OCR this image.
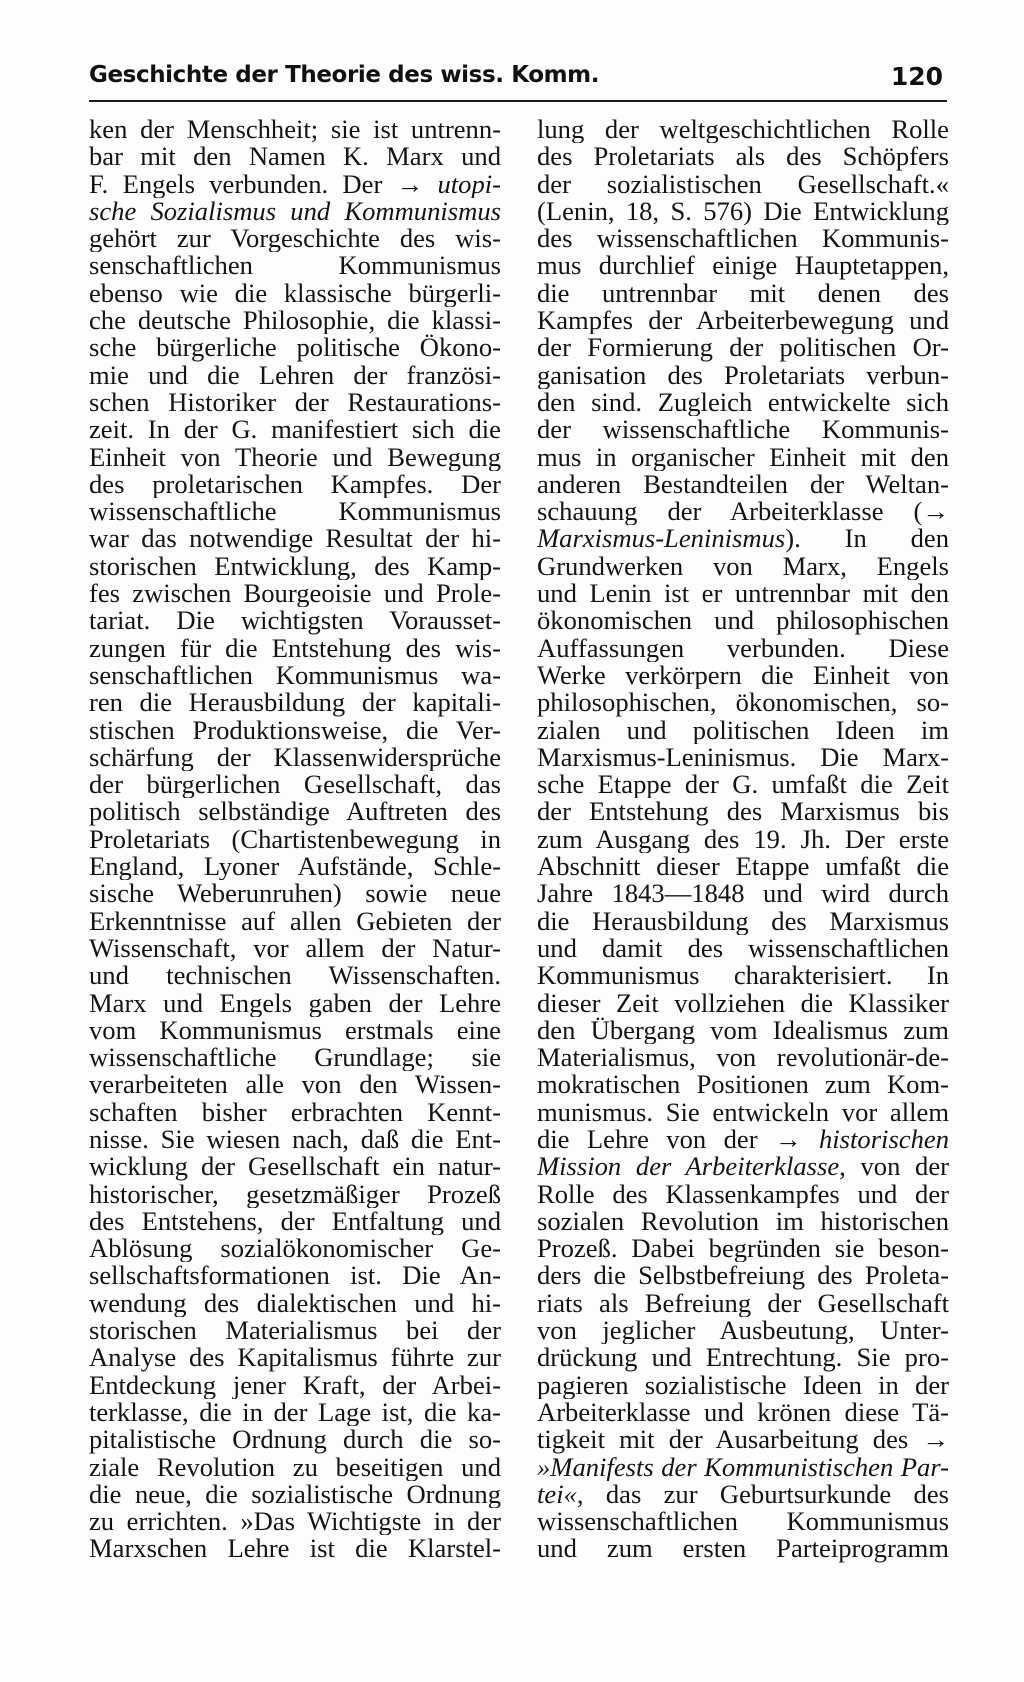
Geschichte der Theorie des wiss. Komm.	120
ken der Menschheit; sie ist untrenn-
bar mit den Namen K. Marx und
F. Engels verbunden. Der → utopi-
sche Sozialismus und Kommunismus
gehört zur Vorgeschichte des wis-
senschaftlichen Kommunismus
ebenso wie die klassische bürgerli-
che deutsche Philosophie, die klassi-
sche bürgerliche politische Ökono-
mie und die Lehren der französi-
schen Historiker der Restaurations-
zeit. In der G. manifestiert sich die
Einheit von Theorie und Bewegung
des proletarischen Kampfes. Der
wissenschaftliche Kommunismus
war das notwendige Resultat der hi-
storischen Entwicklung, des Kamp-
fes zwischen Bourgeoisie und Prole-
tariat. Die wichtigsten Vorausset-
zungen für die Entstehung des wis-
senschaftlichen Kommunismus wa-
ren die Herausbildung der kapitali-
stischen Produktionsweise, die Ver-
schärfung der Klassenwidersprüche
der bürgerlichen Gesellschaft, das
politisch selbständige Auftreten des
Proletariats (Chartistenbewegung in
England, Lyoner Aufstände, Schle-
sische Weberunruhen) sowie neue
Erkenntnisse auf allen Gebieten der
Wissenschaft, vor allem der Natur-
und technischen Wissenschaften.
Marx und Engels gaben der Lehre
vom Kommunismus erstmals eine
wissenschaftliche Grundlage; sie
verarbeiteten alle von den Wissen-
schaften bisher erbrachten Kennt-
nisse. Sie wiesen nach, daß die Ent-
wicklung der Gesellschaft ein natur-
historischer, gesetzmäßiger Prozeß
des Entstehens, der Entfaltung und
Ablösung sozialökonomischer Ge-
sellschaftsformationen ist. Die An-
wendung des dialektischen und hi-
storischen Materialismus bei der
Analyse des Kapitalismus führte zur
Entdeckung jener Kraft, der Arbei-
terklasse, die in der Lage ist, die ka-
pitalistische Ordnung durch die so-
ziale Revolution zu beseitigen und
die neue, die sozialistische Ordnung
zu errichten. »Das Wichtigste in der
Marxschen Lehre ist die Klarstel-
lung der weltgeschichtlichen Rolle
des Proletariats als des Schöpfers
der sozialistischen Gesellschaft.«
(Lenin, 18, S. 576) Die Entwicklung
des wissenschaftlichen Kommunis-
mus durchlief einige Hauptetappen,
die untrennbar mit denen des
Kampfes der Arbeiterbewegung und
der Formierung der politischen Or-
ganisation des Proletariats verbun-
den sind. Zugleich entwickelte sich
der wissenschaftliche Kommunis-
mus in organischer Einheit mit den
anderen Bestandteilen der Weltan-
schauung der Arbeiterklasse (→
Marxismus-Leninismus). In den
Grundwerken von Marx, Engels
und Lenin ist er untrennbar mit den
ökonomischen und philosophischen
Auffassungen verbunden. Diese
Werke verkörpern die Einheit von
philosophischen, ökonomischen, so-
zialen und politischen Ideen im
Marxismus-Leninismus. Die Marx-
sche Etappe der G. umfaßt die Zeit
der Entstehung des Marxismus bis
zum Ausgang des 19. Jh. Der erste
Abschnitt dieser Etappe umfaßt die
Jahre 1843—1848 und wird durch
die Herausbildung des Marxismus
und damit des wissenschaftlichen
Kommunismus charakterisiert. In
dieser Zeit vollziehen die Klassiker
den Übergang vom Idealismus zum
Materialismus, von revolutionär-de-
mokratischen Positionen zum Kom-
munismus. Sie entwickeln vor allem
die Lehre von der → historischen
Mission der Arbeiterklasse, von der
Rolle des Klassenkampfes und der
sozialen Revolution im historischen
Prozeß. Dabei begründen sie beson-
ders die Selbstbefreiung des Proleta-
riats als Befreiung der Gesellschaft
von jeglicher Ausbeutung, Unter-
drückung und Entrechtung. Sie pro-
pagieren sozialistische Ideen in der
Arbeiterklasse und krönen diese Tä-
tigkeit mit der Ausarbeitung des →
»Manifests der Kommunistischen Par-
tei«, das zur Geburtsurkunde des
wissenschaftlichen Kommunismus
und zum ersten Parteiprogramm
